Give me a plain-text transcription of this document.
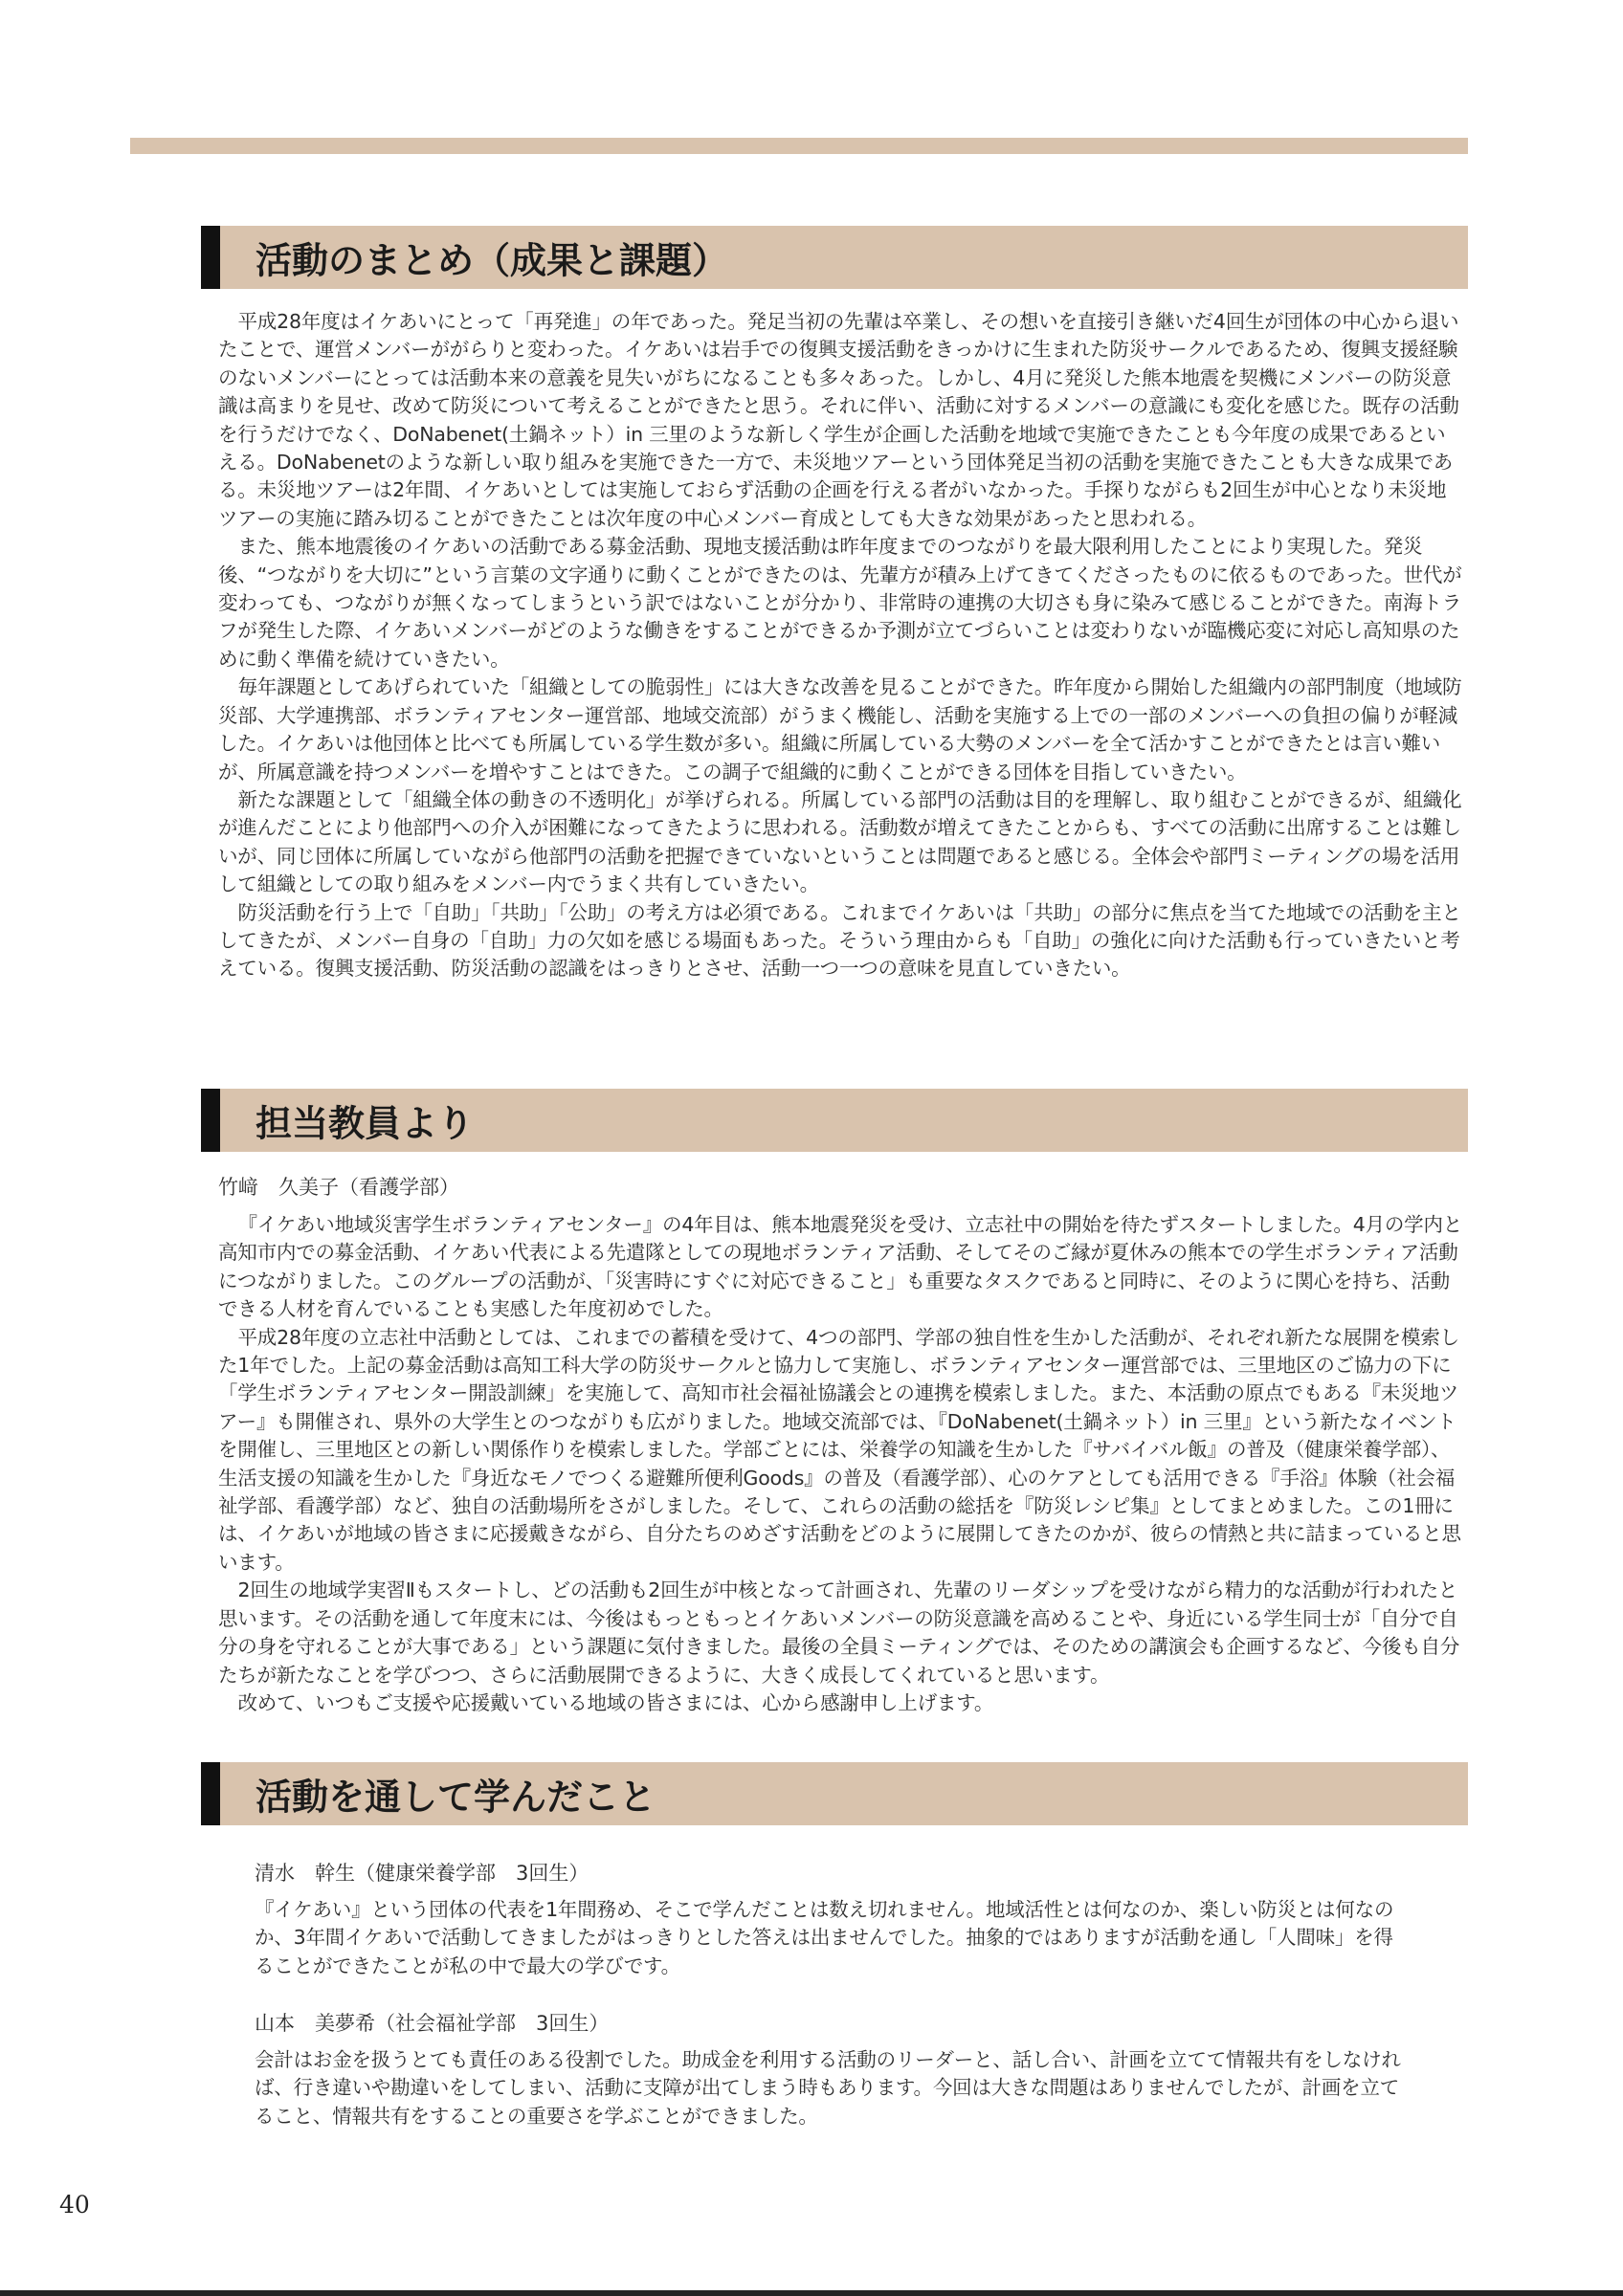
活動のまとめ（成果と課題）

平成28年度はイケあいにとって「再発進」の年であった。発足当初の先輩は卒業し、その想いを直接引き継いだ4回生が団体の中心から退いたことで、運営メンバーががらりと変わった。イケあいは岩手での復興支援活動をきっかけに生まれた防災サークルであるため、復興支援経験のないメンバーにとっては活動本来の意義を見失いがちになることも多々あった。しかし、4月に発災した熊本地震を契機にメンバーの防災意識は高まりを見せ、改めて防災について考えることができたと思う。それに伴い、活動に対するメンバーの意識にも変化を感じた。既存の活動を行うだけでなく、DoNabenet(土鍋ネット）in 三里のような新しく学生が企画した活動を地域で実施できたことも今年度の成果であるといえる。DoNabenetのような新しい取り組みを実施できた一方で、未災地ツアーという団体発足当初の活動を実施できたことも大きな成果である。未災地ツアーは2年間、イケあいとしては実施しておらず活動の企画を行える者がいなかった。手探りながらも2回生が中心となり未災地ツアーの実施に踏み切ることができたことは次年度の中心メンバー育成としても大きな効果があったと思われる。

また、熊本地震後のイケあいの活動である募金活動、現地支援活動は昨年度までのつながりを最大限利用したことにより実現した。発災後、“つながりを大切に”という言葉の文字通りに動くことができたのは、先輩方が積み上げてきてくださったものに依るものであった。世代が変わっても、つながりが無くなってしまうという訳ではないことが分かり、非常時の連携の大切さも身に染みて感じることができた。南海トラフが発生した際、イケあいメンバーがどのような働きをすることができるか予測が立てづらいことは変わりないが臨機応変に対応し高知県のために動く準備を続けていきたい。

毎年課題としてあげられていた「組織としての脆弱性」には大きな改善を見ることができた。昨年度から開始した組織内の部門制度（地域防災部、大学連携部、ボランティアセンター運営部、地域交流部）がうまく機能し、活動を実施する上での一部のメンバーへの負担の偏りが軽減した。イケあいは他団体と比べても所属している学生数が多い。組織に所属している大勢のメンバーを全て活かすことができたとは言い難いが、所属意識を持つメンバーを増やすことはできた。この調子で組織的に動くことができる団体を目指していきたい。

新たな課題として「組織全体の動きの不透明化」が挙げられる。所属している部門の活動は目的を理解し、取り組むことができるが、組織化が進んだことにより他部門への介入が困難になってきたように思われる。活動数が増えてきたことからも、すべての活動に出席することは難しいが、同じ団体に所属していながら他部門の活動を把握できていないということは問題であると感じる。全体会や部門ミーティングの場を活用して組織としての取り組みをメンバー内でうまく共有していきたい。

防災活動を行う上で「自助」「共助」「公助」の考え方は必須である。これまでイケあいは「共助」の部分に焦点を当てた地域での活動を主としてきたが、メンバー自身の「自助」力の欠如を感じる場面もあった。そういう理由からも「自助」の強化に向けた活動も行っていきたいと考えている。復興支援活動、防災活動の認識をはっきりとさせ、活動一つ一つの意味を見直していきたい。

担当教員より
竹﨑　久美子（看護学部）

『イケあい地域災害学生ボランティアセンター』の4年目は、熊本地震発災を受け、立志社中の開始を待たずスタートしました。4月の学内と高知市内での募金活動、イケあい代表による先遣隊としての現地ボランティア活動、そしてそのご縁が夏休みの熊本での学生ボランティア活動につながりました。このグループの活動が、「災害時にすぐに対応できること」も重要なタスクであると同時に、そのように関心を持ち、活動できる人材を育んでいることも実感した年度初めでした。

平成28年度の立志社中活動としては、これまでの蓄積を受けて、4つの部門、学部の独自性を生かした活動が、それぞれ新たな展開を模索した1年でした。上記の募金活動は高知工科大学の防災サークルと協力して実施し、ボランティアセンター運営部では、三里地区のご協力の下に「学生ボランティアセンター開設訓練」を実施して、高知市社会福祉協議会との連携を模索しました。また、本活動の原点でもある『未災地ツアー』も開催され、県外の大学生とのつながりも広がりました。地域交流部では、『DoNabenet(土鍋ネット）in 三里』という新たなイベントを開催し、三里地区との新しい関係作りを模索しました。学部ごとには、栄養学の知識を生かした『サバイバル飯』の普及（健康栄養学部）、生活支援の知識を生かした『身近なモノでつくる避難所便利Goods』の普及（看護学部）、心のケアとしても活用できる『手浴』体験（社会福祉学部、看護学部）など、独自の活動場所をさがしました。そして、これらの活動の総括を『防災レシピ集』としてまとめました。この1冊には、イケあいが地域の皆さまに応援戴きながら、自分たちのめざす活動をどのように展開してきたのかが、彼らの情熱と共に詰まっていると思います。

2回生の地域学実習Ⅱもスタートし、どの活動も2回生が中核となって計画され、先輩のリーダシップを受けながら精力的な活動が行われたと思います。その活動を通して年度末には、今後はもっともっとイケあいメンバーの防災意識を高めることや、身近にいる学生同士が「自分で自分の身を守れることが大事である」という課題に気付きました。最後の全員ミーティングでは、そのための講演会も企画するなど、今後も自分たちが新たなことを学びつつ、さらに活動展開できるように、大きく成長してくれていると思います。

改めて、いつもご支援や応援戴いている地域の皆さまには、心から感謝申し上げます。

活動を通して学んだこと
清水　幹生（健康栄養学部　3回生）

『イケあい』という団体の代表を1年間務め、そこで学んだことは数え切れません。地域活性とは何なのか、楽しい防災とは何なのか、3年間イケあいで活動してきましたがはっきりとした答えは出ませんでした。抽象的ではありますが活動を通し「人間味」を得ることができたことが私の中で最大の学びです。

山本　美夢希（社会福祉学部　3回生）

会計はお金を扱うとても責任のある役割でした。助成金を利用する活動のリーダーと、話し合い、計画を立てて情報共有をしなければ、行き違いや勘違いをしてしまい、活動に支障が出てしまう時もあります。今回は大きな問題はありませんでしたが、計画を立てること、情報共有をすることの重要さを学ぶことができました。

40
